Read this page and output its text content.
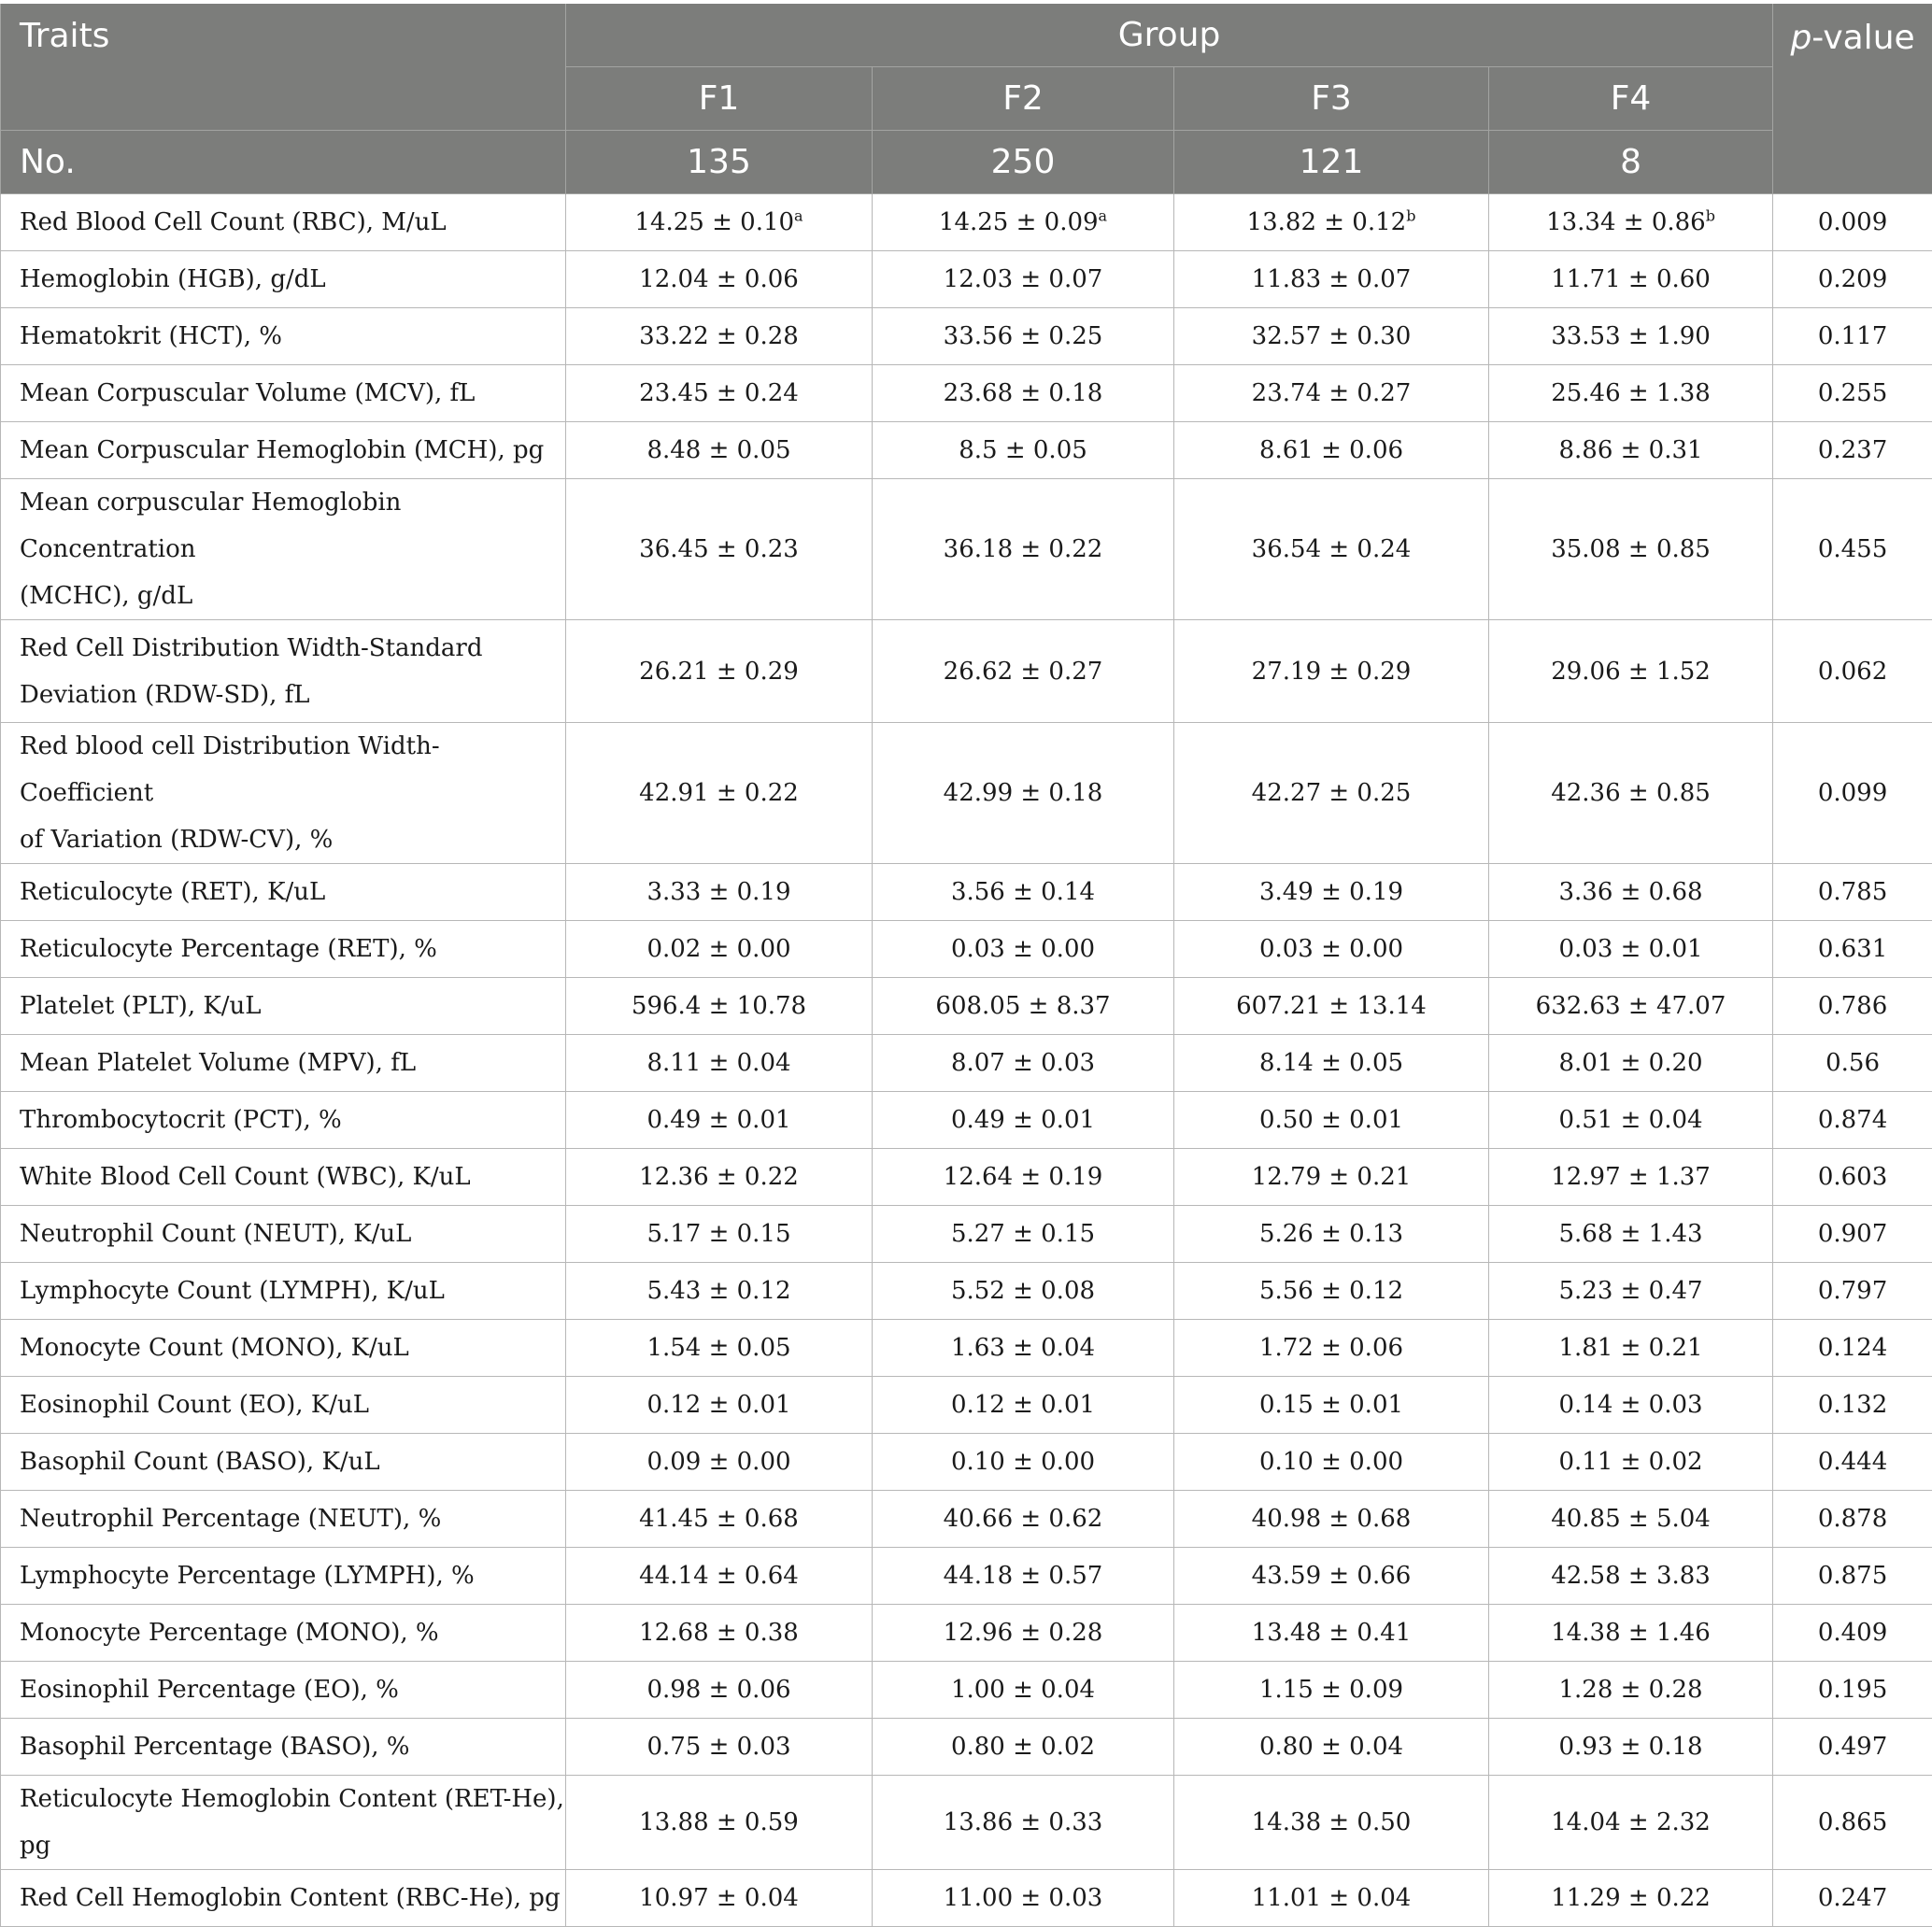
Traits	Group				p-value
	F1	F2	F3	F4	
No.	135	250	121	8	
Red Blood Cell Count (RBC), M/uL	14.25 ± 0.10$^a$	14.25 ± 0.09$^a$	13.82 ± 0.12$^b$	13.34 ± 0.86$^b$	0.009
Hemoglobin (HGB), g/dL	12.04 ± 0.06	12.03 ± 0.07	11.83 ± 0.07	11.71 ± 0.60	0.209
Hematokrit (HCT), %	33.22 ± 0.28	33.56 ± 0.25	32.57 ± 0.30	33.53 ± 1.90	0.117
Mean Corpuscular Volume (MCV), fL	23.45 ± 0.24	23.68 ± 0.18	23.74 ± 0.27	25.46 ± 1.38	0.255
Mean Corpuscular Hemoglobin (MCH), pg	8.48 ± 0.05	8.5 ± 0.05	8.61 ± 0.06	8.86 ± 0.31	0.237

Mean corpuscular Hemoglobin Concentration
(MCHC), g/dL	36.45 ± 0.23	36.18 ± 0.22	36.54 ± 0.24	35.08 ± 0.85	0.455

Red Cell Distribution Width-Standard
Deviation (RDW-SD), fL	26.21 ± 0.29	26.62 ± 0.27	27.19 ± 0.29	29.06 ± 1.52	0.062

Red blood cell Distribution Width-Coefficient
of Variation (RDW-CV), %	42.91 ± 0.22	42.99 ± 0.18	42.27 ± 0.25	42.36 ± 0.85	0.099
Reticulocyte (RET), K/uL	3.33 ± 0.19	3.56 ± 0.14	3.49 ± 0.19	3.36 ± 0.68	0.785
Reticulocyte Percentage (RET), %	0.02 ± 0.00	0.03 ± 0.00	0.03 ± 0.00	0.03 ± 0.01	0.631
Platelet (PLT), K/uL	596.4 ± 10.78	608.05 ± 8.37	607.21 ± 13.14	632.63 ± 47.07	0.786
Mean Platelet Volume (MPV), fL	8.11 ± 0.04	8.07 ± 0.03	8.14 ± 0.05	8.01 ± 0.20	0.56
Thrombocytocrit (PCT), %	0.49 ± 0.01	0.49 ± 0.01	0.50 ± 0.01	0.51 ± 0.04	0.874
White Blood Cell Count (WBC), K/uL	12.36 ± 0.22	12.64 ± 0.19	12.79 ± 0.21	12.97 ± 1.37	0.603
Neutrophil Count (NEUT), K/uL	5.17 ± 0.15	5.27 ± 0.15	5.26 ± 0.13	5.68 ± 1.43	0.907
Lymphocyte Count (LYMPH), K/uL	5.43 ± 0.12	5.52 ± 0.08	5.56 ± 0.12	5.23 ± 0.47	0.797
Monocyte Count (MONO), K/uL	1.54 ± 0.05	1.63 ± 0.04	1.72 ± 0.06	1.81 ± 0.21	0.124
Eosinophil Count (EO), K/uL	0.12 ± 0.01	0.12 ± 0.01	0.15 ± 0.01	0.14 ± 0.03	0.132
Basophil Count (BASO), K/uL	0.09 ± 0.00	0.10 ± 0.00	0.10 ± 0.00	0.11 ± 0.02	0.444
Neutrophil Percentage (NEUT), %	41.45 ± 0.68	40.66 ± 0.62	40.98 ± 0.68	40.85 ± 5.04	0.878
Lymphocyte Percentage (LYMPH), %	44.14 ± 0.64	44.18 ± 0.57	43.59 ± 0.66	42.58 ± 3.83	0.875
Monocyte Percentage (MONO), %	12.68 ± 0.38	12.96 ± 0.28	13.48 ± 0.41	14.38 ± 1.46	0.409
Eosinophil Percentage (EO), %	0.98 ± 0.06	1.00 ± 0.04	1.15 ± 0.09	1.28 ± 0.28	0.195
Basophil Percentage (BASO), %	0.75 ± 0.03	0.80 ± 0.02	0.80 ± 0.04	0.93 ± 0.18	0.497
Reticulocyte Hemoglobin Content (RET-He), pg	13.88 ± 0.59	13.86 ± 0.33	14.38 ± 0.50	14.04 ± 2.32	0.865
Red Cell Hemoglobin Content (RBC-He), pg	10.97 ± 0.04	11.00 ± 0.03	11.01 ± 0.04	11.29 ± 0.22	0.247
